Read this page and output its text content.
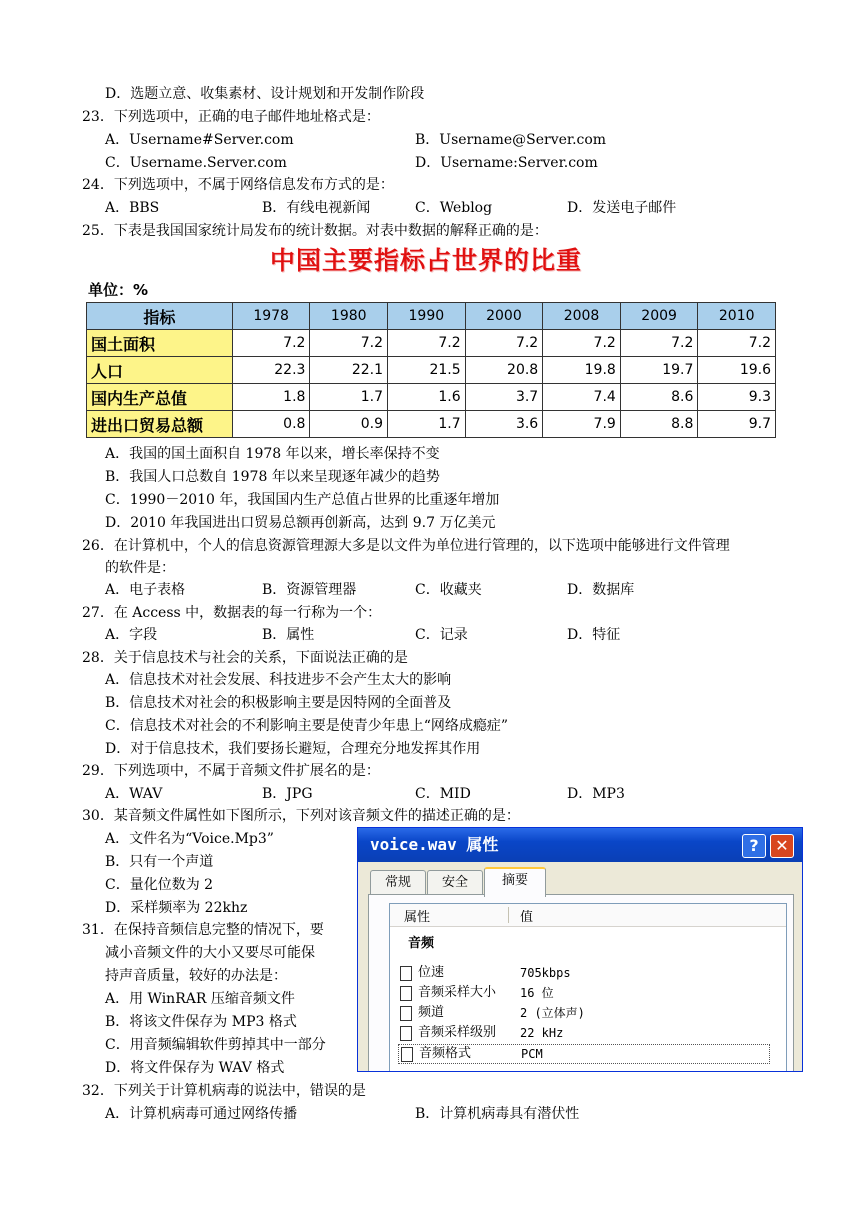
D．选题立意、收集素材、设计规划和开发制作阶段
23．下列选项中，正确的电子邮件地址格式是：
A．Username#Server.com	B．Username@Server.com
C．Username.Server.com	D．Username:Server.com
24．下列选项中，不属于网络信息发布方式的是：
A．BBS	B．有线电视新闻	C．Weblog	D．发送电子邮件
25．下表是我国国家统计局发布的统计数据。对表中数据的解释正确的是：
中国主要指标占世界的比重
单位：%
指标	1978	1980	1990	2000	2008	2009	2010
国土面积	7.2	7.2	7.2	7.2	7.2	7.2	7.2
人口	22.3	22.1	21.5	20.8	19.8	19.7	19.6
国内生产总值	1.8	1.7	1.6	3.7	7.4	8.6	9.3
进出口贸易总额	0.8	0.9	1.7	3.6	7.9	8.8	9.7
A．我国的国土面积自 1978 年以来，增长率保持不变
B．我国人口总数自 1978 年以来呈现逐年减少的趋势
C．1990－2010 年，我国国内生产总值占世界的比重逐年增加
D．2010 年我国进出口贸易总额再创新高，达到 9.7 万亿美元
26．在计算机中，个人的信息资源管理源大多是以文件为单位进行管理的，以下选项中能够进行文件管理
的软件是：
A．电子表格	B．资源管理器	C．收藏夹	D．数据库
27．在 Access 中，数据表的每一行称为一个：
A．字段	B．属性	C．记录	D．特征
28．关于信息技术与社会的关系，下面说法正确的是
A．信息技术对社会发展、科技进步不会产生太大的影响
B．信息技术对社会的积极影响主要是因特网的全面普及
C．信息技术对社会的不利影响主要是使青少年患上“网络成瘾症”
D．对于信息技术，我们要扬长避短，合理充分地发挥其作用
29．下列选项中，不属于音频文件扩展名的是：
A．WAV	B．JPG	C．MID	D．MP3
30．某音频文件属性如下图所示，下列对该音频文件的描述正确的是：
A．文件名为“Voice.Mp3”
B．只有一个声道
C．量化位数为 2
D．采样频率为 22khz
31．在保持音频信息完整的情况下，要
减小音频文件的大小又要尽可能保
持声音质量，较好的办法是：
A．用 WinRAR 压缩音频文件
B．将该文件保存为 MP3 格式
C．用音频编辑软件剪掉其中一部分
D．将文件保存为 WAV 格式
32．下列关于计算机病毒的说法中，错误的是
A．计算机病毒可通过网络传播	B．计算机病毒具有潜伏性
voice.wav 属性	?	✕
常规	安全	摘要
属性	值
音频
位速	705kbps
音频采样大小 16 位
频道	2 (立体声)
音频采样级别 22 kHz
音频格式	PCM
